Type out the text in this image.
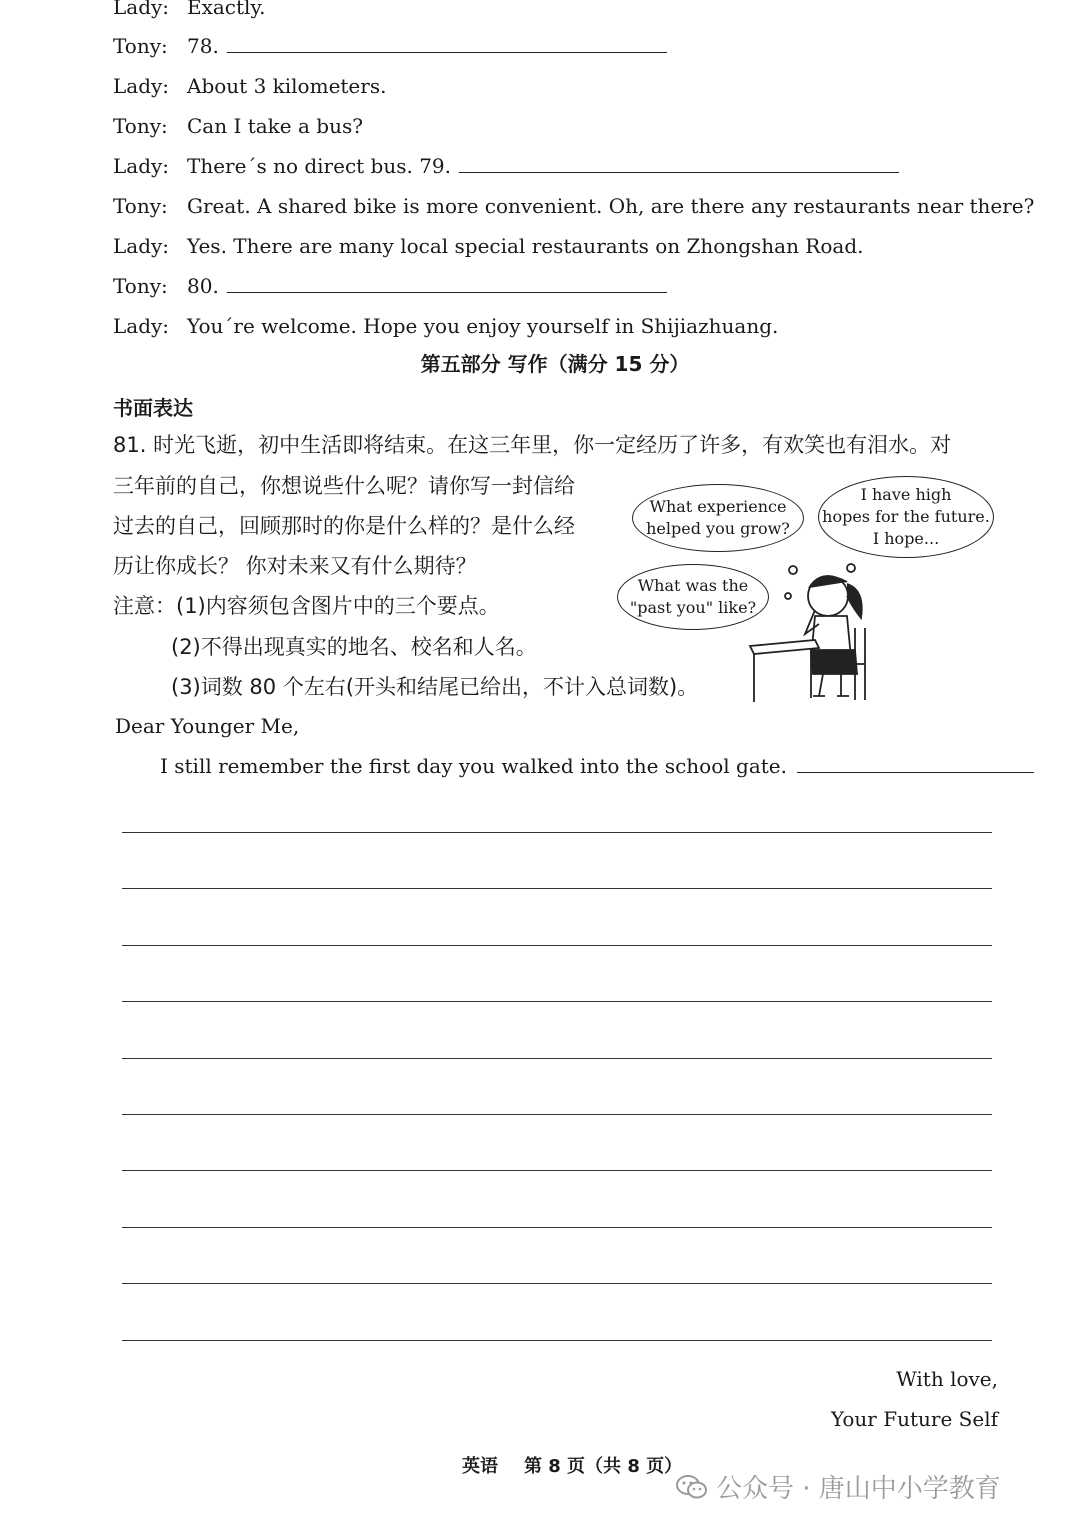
Lady: Exactly.
Tony: 78.
Lady: About 3 kilometers.
Tony: Can I take a bus?
Lady: There´s no direct bus. 79.
Tony: Great. A shared bike is more convenient. Oh, are there any restaurants near there?
Lady: Yes. There are many local special restaurants on Zhongshan Road.
Tony: 80.
Lady: You´re welcome. Hope you enjoy yourself in Shijiazhuang.
第五部分 写作（满分 15 分）
书面表达
81. 时光飞逝，初中生活即将结束。在这三年里，你一定经历了许多，有欢笑也有泪水。对
三年前的自己，你想说些什么呢？请你写一封信给
过去的自己，回顾那时的你是什么样的？是什么经
历让你成长？ 你对未来又有什么期待？
注意：(1)内容须包含图片中的三个要点。
(2)不得出现真实的地名、校名和人名。
(3)词数 80 个左右(开头和结尾已给出，不计入总词数)。
What experience
helped you grow?
I have high
hopes for the future.
I hope...
What was the
"past you" like?
Dear Younger Me,
I still remember the first day you walked into the school gate.
With love,
Your Future Self
英语 第 8 页（共 8 页）
公众号 · 唐山中小学教育
